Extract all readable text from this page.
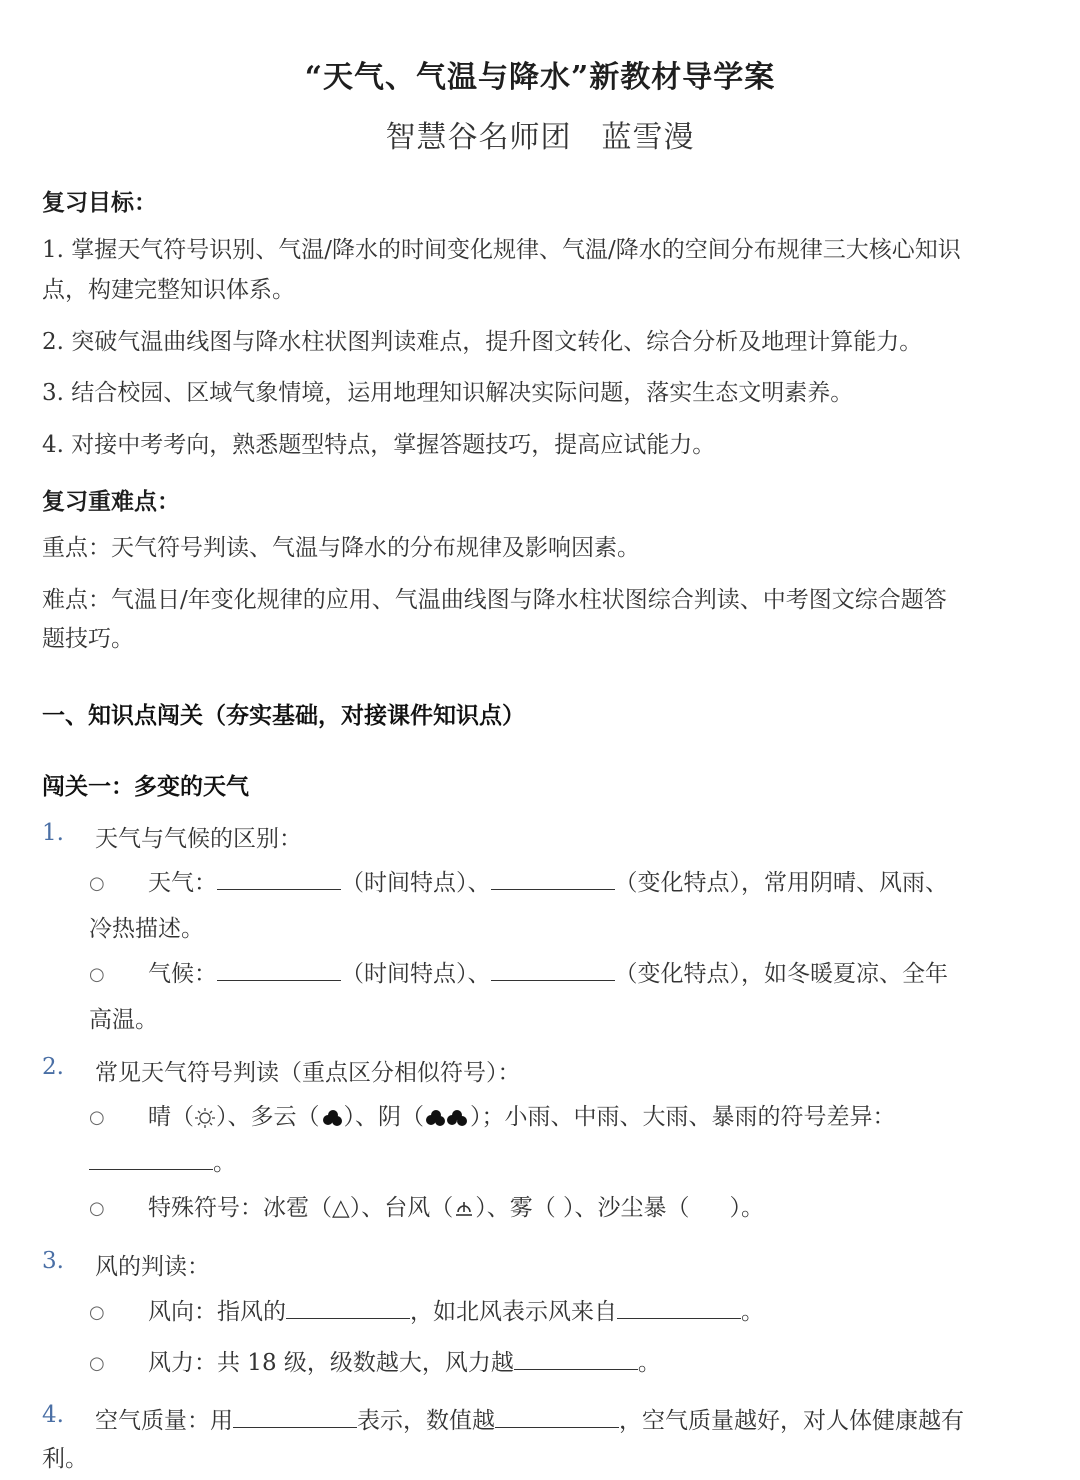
“天气、气温与降水”新教材导学案
智慧谷名师团 蓝雪漫
复习目标：
1. 掌握天气符号识别、气温/降水的时间变化规律、气温/降水的空间分布规律三大核心知识
点，构建完整知识体系。
2. 突破气温曲线图与降水柱状图判读难点，提升图文转化、综合分析及地理计算能力。
3. 结合校园、区域气象情境，运用地理知识解决实际问题，落实生态文明素养。
4. 对接中考考向，熟悉题型特点，掌握答题技巧，提高应试能力。
复习重难点：
重点：天气符号判读、气温与降水的分布规律及影响因素。
难点：气温日/年变化规律的应用、气温曲线图与降水柱状图综合判读、中考图文综合题答
题技巧。
一、知识点闯关（夯实基础，对接课件知识点）
闯关一：多变的天气
1. 天气与气候的区别：
○ 天气：	（时间特点）、	（变化特点），常用阴晴、风雨、
冷热描述。
○ 气候：	（时间特点）、	（变化特点），如冬暖夏凉、全年
高温。
2. 常见天气符号判读（重点区分相似符号）：
○ 晴（ ）、多云（ ）、阴（ ）；小雨、中雨、大雨、暴雨的符号差异：
。
○ 特殊符号：冰雹（△）、台风（ ）、雾（ ）、沙尘暴（ ）。
3. 风的判读：
○ 风向：指风的	，如北风表示风来自	。
○ 风力：共 18 级，级数越大，风力越	。
4. 空气质量：用	表示，数值越	，空气质量越好，对人体健康越有
利。
